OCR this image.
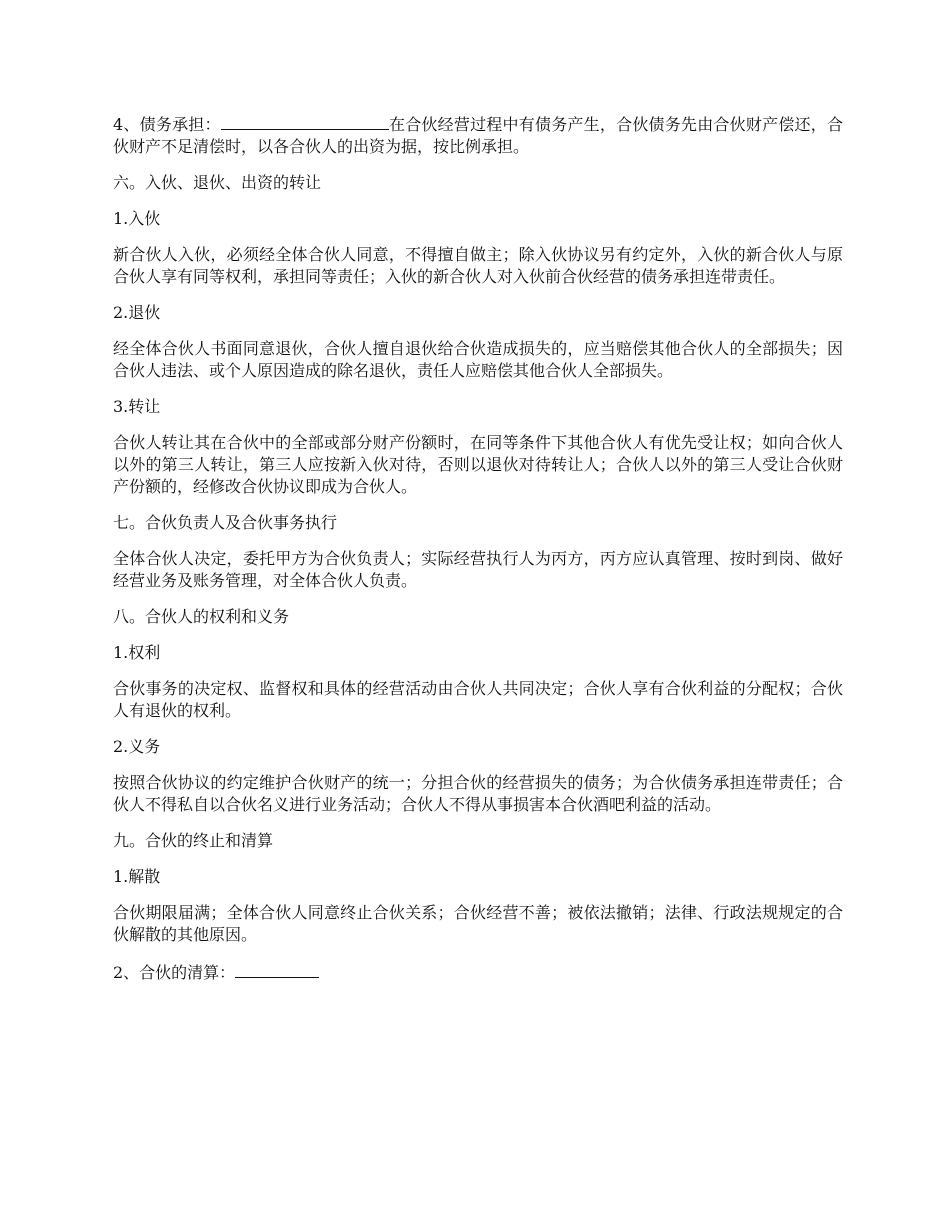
4、债务承担：	在合伙经营过程中有债务产生，合伙债务先由合伙财产偿还，合伙财产不足清偿时，以各合伙人的出资为据，按比例承担。

六。入伙、退伙、出资的转让

1.入伙

新合伙人入伙，必须经全体合伙人同意，不得擅自做主；除入伙协议另有约定外，入伙的新合伙人与原合伙人享有同等权利，承担同等责任；入伙的新合伙人对入伙前合伙经营的债务承担连带责任。

2.退伙

经全体合伙人书面同意退伙，合伙人擅自退伙给合伙造成损失的，应当赔偿其他合伙人的全部损失；因合伙人违法、或个人原因造成的除名退伙，责任人应赔偿其他合伙人全部损失。

3.转让

合伙人转让其在合伙中的全部或部分财产份额时，在同等条件下其他合伙人有优先受让权；如向合伙人以外的第三人转让，第三人应按新入伙对待，否则以退伙对待转让人；合伙人以外的第三人受让合伙财产份额的，经修改合伙协议即成为合伙人。

七。合伙负责人及合伙事务执行

全体合伙人决定，委托甲方为合伙负责人；实际经营执行人为丙方，丙方应认真管理、按时到岗、做好经营业务及账务管理，对全体合伙人负责。

八。合伙人的权利和义务

1.权利

合伙事务的决定权、监督权和具体的经营活动由合伙人共同决定；合伙人享有合伙利益的分配权；合伙人有退伙的权利。

2.义务

按照合伙协议的约定维护合伙财产的统一；分担合伙的经营损失的债务；为合伙债务承担连带责任；合伙人不得私自以合伙名义进行业务活动；合伙人不得从事损害本合伙酒吧利益的活动。

九。合伙的终止和清算

1.解散

合伙期限届满；全体合伙人同意终止合伙关系；合伙经营不善；被依法撤销；法律、行政法规规定的合伙解散的其他原因。

2、合伙的清算：
